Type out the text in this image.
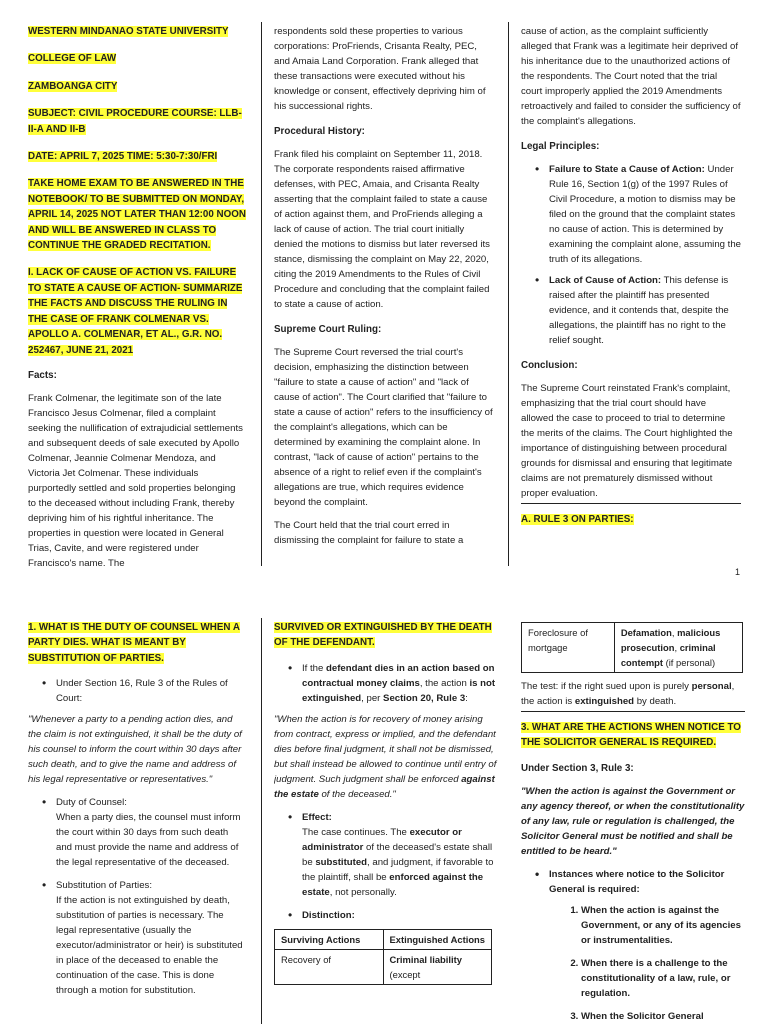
WESTERN MINDANAO STATE UNIVERSITY

COLLEGE OF LAW

ZAMBOANGA CITY

SUBJECT: CIVIL PROCEDURE COURSE: LLB-II-A AND II-B

DATE: APRIL 7, 2025 TIME: 5:30-7:30/FRI

TAKE HOME EXAM TO BE ANSWERED IN THE NOTEBOOK/ TO BE SUBMITTED ON MONDAY, APRIL 14, 2025 NOT LATER THAN 12:00 NOON AND WILL BE ANSWERED IN CLASS TO CONTINUE THE GRADED RECITATION.

I. LACK OF CAUSE OF ACTION VS. FAILURE TO STATE A CAUSE OF ACTION- SUMMARIZE THE FACTS AND DISCUSS THE RULING IN THE CASE OF FRANK COLMENAR VS. APOLLO A. COLMENAR, ET AL., G.R. NO. 252467, JUNE 21, 2021

Facts:

Frank Colmenar, the legitimate son of the late Francisco Jesus Colmenar, filed a complaint seeking the nullification of extrajudicial settlements and subsequent deeds of sale executed by Apollo Colmenar, Jeannie Colmenar Mendoza, and Victoria Jet Colmenar. These individuals purportedly settled and sold properties belonging to the deceased without including Frank, thereby depriving him of his rightful inheritance. The properties in question were located in General Trias, Cavite, and were registered under Francisco's name. The

respondents sold these properties to various corporations: ProFriends, Crisanta Realty, PEC, and Amaia Land Corporation. Frank alleged that these transactions were executed without his knowledge or consent, effectively depriving him of his successional rights.

Procedural History:

Frank filed his complaint on September 11, 2018. The corporate respondents raised affirmative defenses, with PEC, Amaia, and Crisanta Realty asserting that the complaint failed to state a cause of action against them, and ProFriends alleging a lack of cause of action. The trial court initially denied the motions to dismiss but later reversed its stance, dismissing the complaint on May 22, 2020, citing the 2019 Amendments to the Rules of Civil Procedure and concluding that the complaint failed to state a cause of action.

Supreme Court Ruling:

The Supreme Court reversed the trial court's decision, emphasizing the distinction between "failure to state a cause of action" and "lack of cause of action". The Court clarified that "failure to state a cause of action" refers to the insufficiency of the complaint's allegations, which can be determined by examining the complaint alone. In contrast, "lack of cause of action" pertains to the absence of a right to relief even if the complaint's allegations are true, which requires evidence beyond the complaint.

The Court held that the trial court erred in dismissing the complaint for failure to state a

cause of action, as the complaint sufficiently alleged that Frank was a legitimate heir deprived of his inheritance due to the unauthorized actions of the respondents. The Court noted that the trial court improperly applied the 2019 Amendments retroactively and failed to consider the sufficiency of the complaint's allegations.

Legal Principles:
• Failure to State a Cause of Action: Under Rule 16, Section 1(g) of the 1997 Rules of Civil Procedure, a motion to dismiss may be filed on the ground that the complaint states no cause of action. This is determined by examining the complaint alone, assuming the truth of its allegations.
• Lack of Cause of Action: This defense is raised after the plaintiff has presented evidence, and it contends that, despite the allegations, the plaintiff has no right to the relief sought.
Conclusion:

The Supreme Court reinstated Frank's complaint, emphasizing that the trial court should have allowed the case to proceed to trial to determine the merits of the claims. The Court highlighted the importance of distinguishing between procedural grounds for dismissal and ensuring that legitimate claims are not prematurely dismissed without proper evaluation.

A. RULE 3 ON PARTIES:

1

1. WHAT IS THE DUTY OF COUNSEL WHEN A PARTY DIES. WHAT IS MEANT BY SUBSTITUTION OF PARTIES.

• Under Section 16, Rule 3 of the Rules of Court:

"Whenever a party to a pending action dies, and the claim is not extinguished, it shall be the duty of his counsel to inform the court within 30 days after such death, and to give the name and address of his legal representative or representatives."

• Duty of Counsel:
When a party dies, the counsel must inform the court within 30 days from such death and must provide the name and address of the legal representative of the deceased.
• Substitution of Parties:
If the action is not extinguished by death, substitution of parties is necessary. The legal representative (usually the executor/administrator or heir) is substituted in place of the deceased to enable the continuation of the case. This is done through a motion for substitution.

SURVIVED OR EXTINGUISHED BY THE DEATH OF THE DEFENDANT.

• If the defendant dies in an action based on contractual money claims, the action is not extinguished, per Section 20, Rule 3:

"When the action is for recovery of money arising from contract, express or implied, and the defendant dies before final judgment, it shall not be dismissed, but shall instead be allowed to continue until entry of judgment. Such judgment shall be enforced against the estate of the deceased."

• Effect:
The case continues. The executor or administrator of the deceased's estate shall be substituted, and judgment, if favorable to the plaintiff, shall be enforced against the estate, not personally.
• Distinction:
Surviving Actions	Extinguished Actions
Recovery of	Criminal liability (except
Foreclosure of mortgage	Defamation, malicious prosecution, criminal contempt (if personal)

The test: if the right sued upon is purely personal, the action is extinguished by death.

3. WHAT ARE THE ACTIONS WHEN NOTICE TO THE SOLICITOR GENERAL IS REQUIRED.

Under Section 3, Rule 3:

"When the action is against the Government or any agency thereof, or when the constitutionality of any law, rule or regulation is challenged, the Solicitor General must be notified and shall be entitled to be heard."

• Instances where notice to the Solicitor General is required:
1. When the action is against the Government, or any of its agencies or instrumentalities.
2. When there is a challenge to the constitutionality of a law, rule, or regulation.
3. When the Solicitor General
